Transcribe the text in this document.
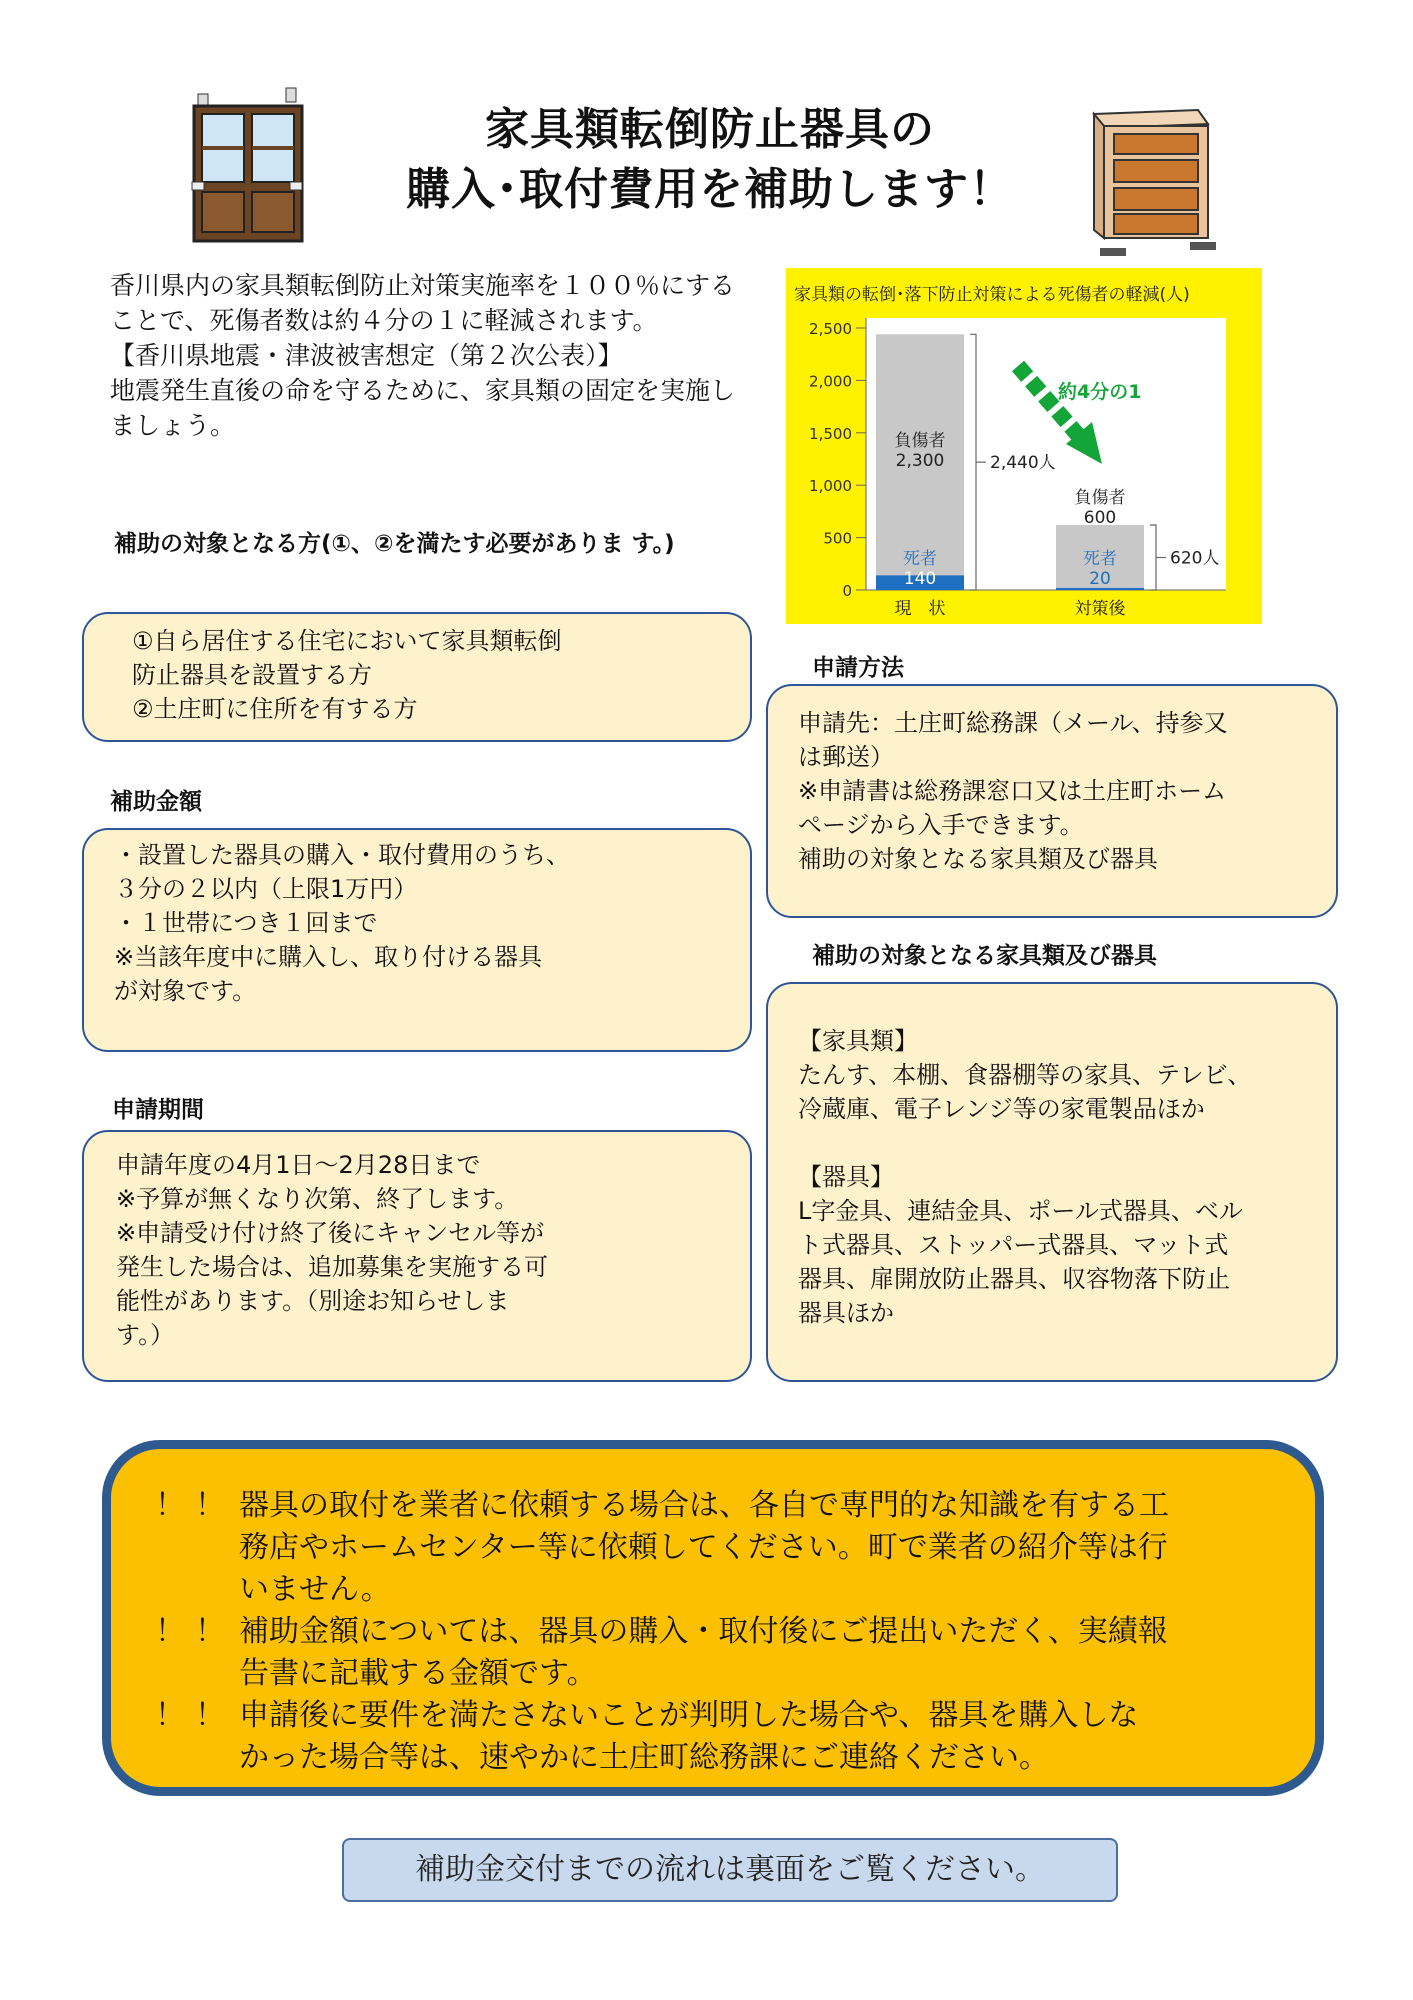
家具類転倒防止器具の
購入･取付費用を補助します！

香川県内の家具類転倒防止対策実施率を１００％にすることで、死傷者数は約４分の１に軽減されます。

【香川県地震・津波被害想定（第２次公表）】

地震発生直後の命を守るために、家具類の固定を実施しましょう。

家具類の転倒･落下防止対策による死傷者の軽減(人)
0
500
1,000
1,500
2,000
2,500
負傷者
2,300
死者
140
2,440人
現　状
負傷者
600
死者
20
620人
対策後
約4分の1
補助の対象となる方(①、②を満たす必要がありま す。)

①自ら居住する住宅において家具類転倒

防止器具を設置する方

②土庄町に住所を有する方

補助金額

・設置した器具の購入・取付費用のうち、

３分の２以内（上限1万円）

・１世帯につき１回まで

※当該年度中に購入し、取り付ける器具

が対象です。

申請期間

申請年度の4月1日～2月28日まで

※予算が無くなり次第、終了します。

※申請受け付け終了後にキャンセル等が

発生した場合は、追加募集を実施する可

能性があります。（別途お知らせしま

す。）

申請方法

申請先：土庄町総務課（メール、持参又

は郵送）

※申請書は総務課窓口又は土庄町ホーム

ページから入手できます。

補助の対象となる家具類及び器具

補助の対象となる家具類及び器具

【家具類】

たんす、本棚、食器棚等の家具、テレビ、

冷蔵庫、電子レンジ等の家電製品ほか

【器具】

L字金具、連結金具、ポール式器具、ベル

ト式器具、ストッパー式器具、マット式

器具、扉開放防止器具、収容物落下防止

器具ほか

！！ 器具の取付を業者に依頼する場合は、各自で専門的な知識を有する工
務店やホームセンター等に依頼してください。町で業者の紹介等は行
いません。
！！ 補助金額については、器具の購入・取付後にご提出いただく、実績報
告書に記載する金額です。
！！ 申請後に要件を満たさないことが判明した場合や、器具を購入しな
かった場合等は、速やかに土庄町総務課にご連絡ください。
補助金交付までの流れは裏面をご覧ください。
